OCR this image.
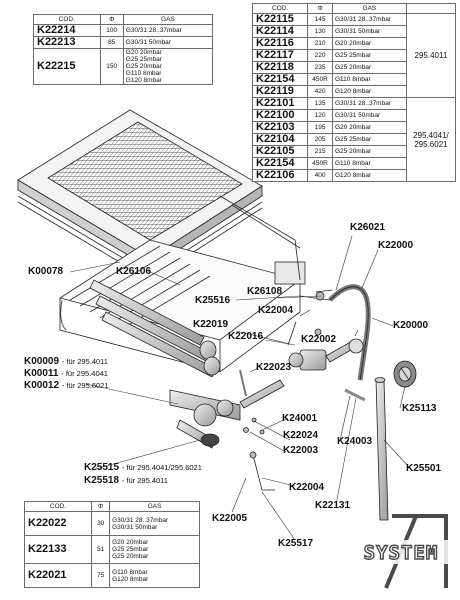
COD.	Φ	GAS
K22214	100	G30/31 28..37mbar

K22213	85	G30/31 50mbar

K22215	150	G20 20mbar
G25 25mbar
G25 20mbar
G110 8mbar
G120 8mbar
COD.	Φ	GAS	
K22115	145	G30/31 28..37mbar	295.4011
K22114	130	G30/31 50mbar	
K22116	210	G20 20mbar	
K22117	220	G25 25mbar	
K22118	235	G25 20mbar	
K22154	450R	G110 8mbar	
K22119	420	G120 8mbar	
K22101	135	G30/31 28..37mbar	295.4041/
295.6021
K22100	120	G30/31 50mbar	
K22103	195	G20 20mbar	
K22104	205	G25 25mbar	
K22105	215	G25 20mbar	
K22154	450R	G110 8mbar	
K22106	400	G120 8mbar	
COD.	Φ	GAS
K22022	30	G30/31 28..37mbar
G30/31 50mbar

K22133	51	G20 20mbar
G25 25mbar
G25 20mbar

K22021	75	G110 8mbar
G120 8mbar
K26021
K22000
K00078	K26106
K25516
K26108
K22004
K22019
K22016	K22002
K20000
K00009 - für 295.4011
K00011 - für 295.4041
K00012 - für 295.6021
K22023
K25113
K24001
K22024
K24003
K22003
K25515 - für 295.4041/295.6021
K25518 - für 295.4011
K25501
K22004
K22131
K22005
K25517	SYSTEM
